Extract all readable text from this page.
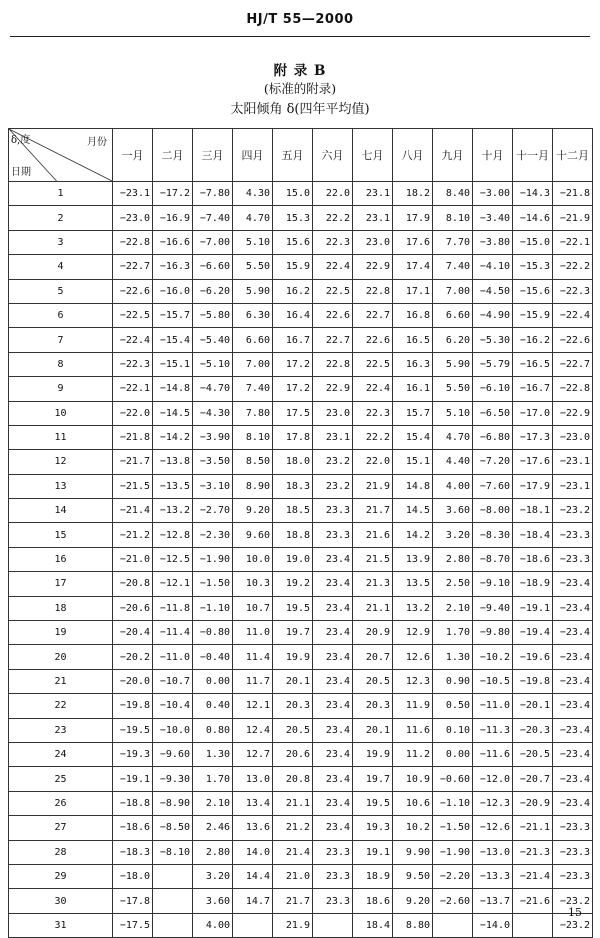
HJ/T 55—2000
附 录 B
(标准的附录)
太阳倾角 δ(四年平均值)
月份
δ,度
日期	一月	二月	三月	四月	五月	六月	七月	八月	九月	十月	十一月	十二月
1	−23.1	−17.2	−7.80	4.30	15.0	22.0	23.1	18.2	8.40	−3.00	−14.3	−21.8
2	−23.0	−16.9	−7.40	4.70	15.3	22.2	23.1	17.9	8.10	−3.40	−14.6	−21.9
3	−22.8	−16.6	−7.00	5.10	15.6	22.3	23.0	17.6	7.70	−3.80	−15.0	−22.1
4	−22.7	−16.3	−6.60	5.50	15.9	22.4	22.9	17.4	7.40	−4.10	−15.3	−22.2
5	−22.6	−16.0	−6.20	5.90	16.2	22.5	22.8	17.1	7.00	−4.50	−15.6	−22.3
6	−22.5	−15.7	−5.80	6.30	16.4	22.6	22.7	16.8	6.60	−4.90	−15.9	−22.4
7	−22.4	−15.4	−5.40	6.60	16.7	22.7	22.6	16.5	6.20	−5.30	−16.2	−22.6
8	−22.3	−15.1	−5.10	7.00	17.2	22.8	22.5	16.3	5.90	−5.79	−16.5	−22.7
9	−22.1	−14.8	−4.70	7.40	17.2	22.9	22.4	16.1	5.50	−6.10	−16.7	−22.8
10	−22.0	−14.5	−4.30	7.80	17.5	23.0	22.3	15.7	5.10	−6.50	−17.0	−22.9
11	−21.8	−14.2	−3.90	8.10	17.8	23.1	22.2	15.4	4.70	−6.80	−17.3	−23.0
12	−21.7	−13.8	−3.50	8.50	18.0	23.2	22.0	15.1	4.40	−7.20	−17.6	−23.1
13	−21.5	−13.5	−3.10	8.90	18.3	23.2	21.9	14.8	4.00	−7.60	−17.9	−23.1
14	−21.4	−13.2	−2.70	9.20	18.5	23.3	21.7	14.5	3.60	−8.00	−18.1	−23.2
15	−21.2	−12.8	−2.30	9.60	18.8	23.3	21.6	14.2	3.20	−8.30	−18.4	−23.3
16	−21.0	−12.5	−1.90	10.0	19.0	23.4	21.5	13.9	2.80	−8.70	−18.6	−23.3
17	−20.8	−12.1	−1.50	10.3	19.2	23.4	21.3	13.5	2.50	−9.10	−18.9	−23.4
18	−20.6	−11.8	−1.10	10.7	19.5	23.4	21.1	13.2	2.10	−9.40	−19.1	−23.4
19	−20.4	−11.4	−0.80	11.0	19.7	23.4	20.9	12.9	1.70	−9.80	−19.4	−23.4
20	−20.2	−11.0	−0.40	11.4	19.9	23.4	20.7	12.6	1.30	−10.2	−19.6	−23.4
21	−20.0	−10.7	0.00	11.7	20.1	23.4	20.5	12.3	0.90	−10.5	−19.8	−23.4
22	−19.8	−10.4	0.40	12.1	20.3	23.4	20.3	11.9	0.50	−11.0	−20.1	−23.4
23	−19.5	−10.0	0.80	12.4	20.5	23.4	20.1	11.6	0.10	−11.3	−20.3	−23.4
24	−19.3	−9.60	1.30	12.7	20.6	23.4	19.9	11.2	0.00	−11.6	−20.5	−23.4
25	−19.1	−9.30	1.70	13.0	20.8	23.4	19.7	10.9	−0.60	−12.0	−20.7	−23.4
26	−18.8	−8.90	2.10	13.4	21.1	23.4	19.5	10.6	−1.10	−12.3	−20.9	−23.4
27	−18.6	−8.50	2.46	13.6	21.2	23.4	19.3	10.2	−1.50	−12.6	−21.1	−23.3
28	−18.3	−8.10	2.80	14.0	21.4	23.3	19.1	9.90	−1.90	−13.0	−21.3	−23.3
29	−18.0		3.20	14.4	21.0	23.3	18.9	9.50	−2.20	−13.3	−21.4	−23.3
30	−17.8		3.60	14.7	21.7	23.3	18.6	9.20	−2.60	−13.7	−21.6	−23.2
31	−17.5		4.00		21.9		18.4	8.80		−14.0		−23.2
15
